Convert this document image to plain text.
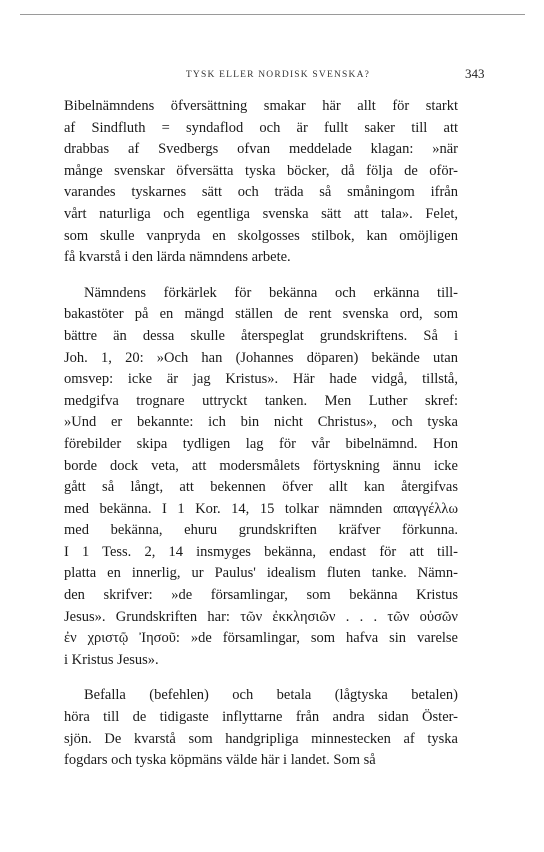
TYSK ELLER NORDISK SVENSKA?	343

Bibelnämndens öfversättning smakar här allt för starkt

af Sindfluth = syndaflod och är fullt saker till att

drabbas af Svedbergs ofvan meddelade klagan: »när

månge svenskar öfversätta tyska böcker, då följa de oför-

varandes tyskarnes sätt och träda så småningom ifrån

vårt naturliga och egentliga svenska sätt att tala». Felet,

som skulle vanpryda en skolgosses stilbok, kan omöjligen

få kvarstå i den lärda nämndens arbete.

Nämndens förkärlek för bekänna och erkänna till-

bakastöter på en mängd ställen de rent svenska ord, som

bättre än dessa skulle återspeglat grundskriftens. Så i

Joh. 1, 20: »Och han (Johannes döparen) bekände utan

omsvep: icke är jag Kristus». Här hade vidgå, tillstå,

medgifva trognare uttryckt tanken. Men Luther skref:

»Und er bekannte: ich bin nicht Christus», och tyska

förebilder skipa tydligen lag för vår bibelnämnd. Hon

borde dock veta, att modersmålets förtyskning ännu icke

gått så långt, att bekennen öfver allt kan återgifvas

med bekänna. I 1 Kor. 14, 15 tolkar nämnden απαγγέλλω

med bekänna, ehuru grundskriften kräfver förkunna.

I 1 Tess. 2, 14 insmyges bekänna, endast för att till-

platta en innerlig, ur Paulus' idealism fluten tanke. Nämn-

den skrifver: »de församlingar, som bekänna Kristus

Jesus». Grundskriften har: τῶν ἐκκλησιῶν . . . τῶν οὐσῶν

ἐν χριστῷ Ἰησοῦ: »de församlingar, som hafva sin varelse

i Kristus Jesus».

Befalla (befehlen) och betala (lågtyska betalen)

höra till de tidigaste inflyttarne från andra sidan Öster-

sjön. De kvarstå som handgripliga minnestecken af tyska

fogdars och tyska köpmäns välde här i landet. Som så
